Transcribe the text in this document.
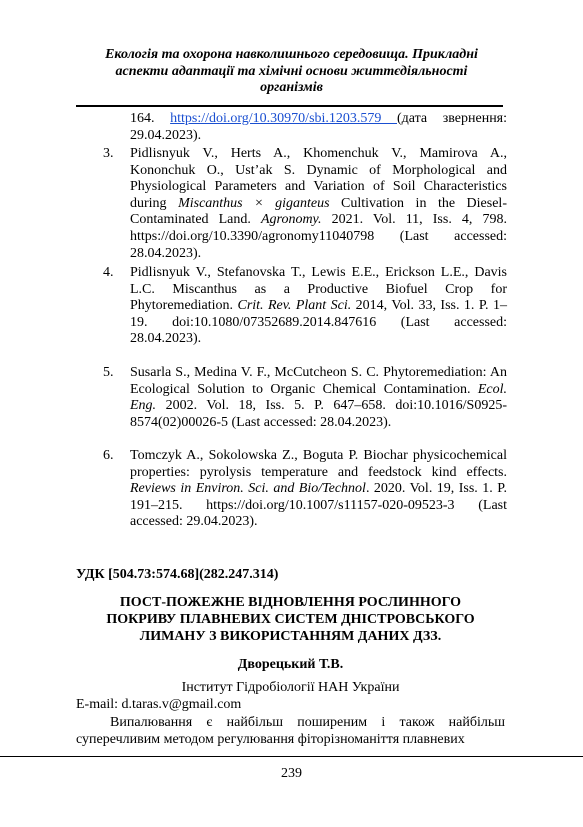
Екологія та охорона навколишнього середовища. Прикладні
аспекти адаптації та хімічні основи життєдіяльності
організмів
164. https://doi.org/10.30970/sbi.1203.579 (дата звернення: 29.04.2023).
3. Pidlisnyuk V., Herts A., Khomenchuk V., Mamirova A., Kononchuk O., Ust’ak S. Dynamic of Morphological and Physiological Parameters and Variation of Soil Characteristics during Miscanthus × giganteus Cultivation in the Diesel-Contaminated Land. Agronomy. 2021. Vol. 11, Iss. 4, 798. https://doi.org/10.3390/agronomy11040798 (Last accessed: 28.04.2023).
4. Pidlisnyuk V., Stefanovska T., Lewis E.E., Erickson L.E., Davis L.C. Miscanthus as a Productive Biofuel Crop for Phytoremediation. Crit. Rev. Plant Sci. 2014, Vol. 33, Iss. 1. P. 1–19. doi:10.1080/07352689.2014.847616 (Last accessed: 28.04.2023).
5. Susarla S., Medina V. F., McCutcheon S. C. Phytoremediation: An Ecological Solution to Organic Chemical Contamination. Ecol. Eng. 2002. Vol. 18, Iss. 5. P. 647–658. doi:10.1016/S0925-8574(02)00026-5 (Last accessed: 28.04.2023).
6. Tomczyk A., Sokolowska Z., Boguta P. Biochar physicochemical properties: pyrolysis temperature and feedstock kind effects. Reviews in Environ. Sci. and Bio/Technol. 2020. Vol. 19, Iss. 1. P. 191–215. https://doi.org/10.1007/s11157-020-09523-3 (Last accessed: 29.04.2023).
УДК [504.73:574.68](282.247.314)
ПОСТ-ПОЖЕЖНЕ ВІДНОВЛЕННЯ РОСЛИННОГО
ПОКРИВУ ПЛАВНЕВИХ СИСТЕМ ДНІСТРОВСЬКОГО
ЛИМАНУ З ВИКОРИСТАННЯМ ДАНИХ ДЗЗ.
Дворецький Т.В.
Інститут Гідробіології НАН України
E-mail: d.taras.v@gmail.com
Випалювання є найбільш поширеним і також найбільш суперечливим методом регулювання фіторізноманіття плавневих
239
